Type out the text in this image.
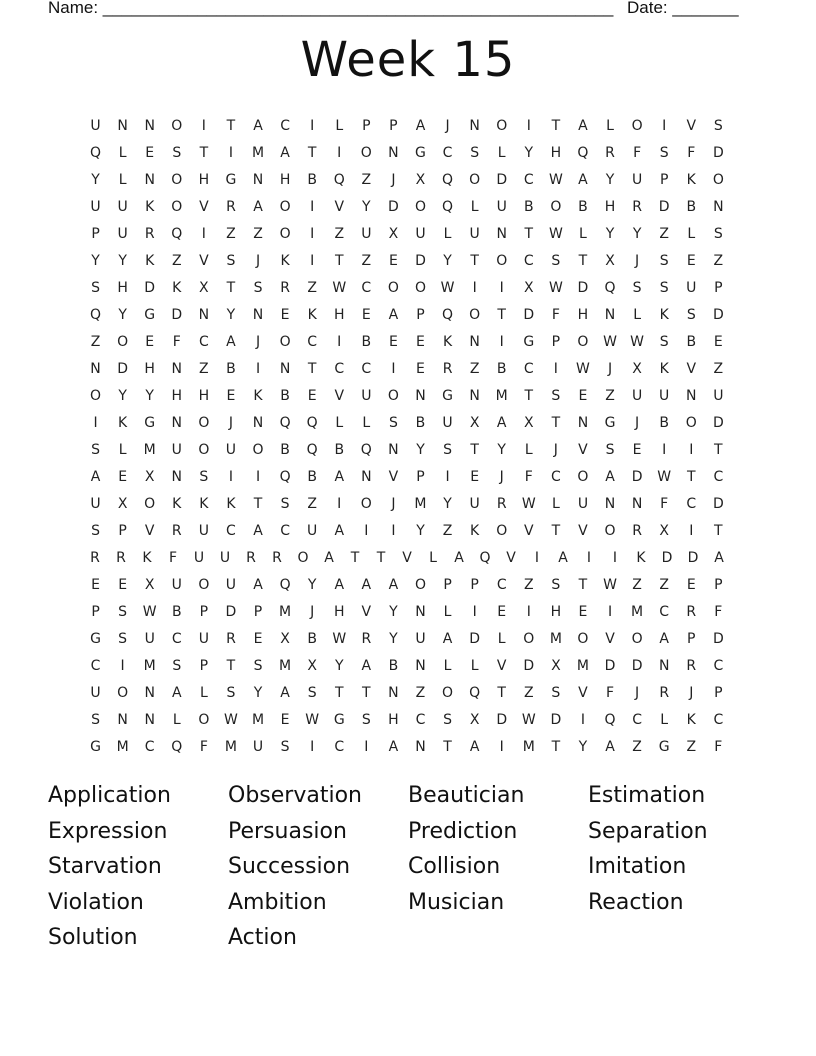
Name: ______________________________________________________ Date: _______
Week 15
U	N	N	O	I	T	A	C	I	L	P	P	A	J	N	O	I	T	A	L	O	I	V	S
Q	L	E	S	T	I	M	A	T	I	O	N	G	C	S	L	Y	H	Q	R	F	S	F	D
Y	L	N	O	H	G	N	H	B	Q	Z	J	X	Q	O	D	C	W	A	Y	U	P	K	O
U	U	K	O	V	R	A	O	I	V	Y	D	O	Q	L	U	B	O	B	H	R	D	B	N
P	U	R	Q	I	Z	Z	O	I	Z	U	X	U	L	U	N	T	W	L	Y	Y	Z	L	S
Y	Y	K	Z	V	S	J	K	I	T	Z	E	D	Y	T	O	C	S	T	X	J	S	E	Z
S	H	D	K	X	T	S	R	Z	W	C	O	O	W	I	I	X	W	D	Q	S	S	U	P
Q	Y	G	D	N	Y	N	E	K	H	E	A	P	Q	O	T	D	F	H	N	L	K	S	D
Z	O	E	F	C	A	J	O	C	I	B	E	E	K	N	I	G	P	O	W W	S	B	E
N	D	H	N	Z	B	I	N	T	C	C	I	E	R	Z	B	C	I	W	J	X	K	V	Z
O	Y	Y	H	H	E	K	B	E	V	U	O	N	G	N	M	T	S	E	Z	U	U	N	U
I	K	G	N	O	J	N	Q	Q	L	L	S	B	U	X	A	X	T	N	G	J	B	O	D
S	L	M	U	O	U	O	B	Q	B	Q	N	Y	S	T	Y	L	J	V	S	E	I	I	T
A	E	X	N	S	I	I	Q	B	A	N	V	P	I	E	J	F	C	O	A	D	W	T	C
U	X	O	K	K	K	T	S	Z	I	O	J	M	Y	U	R	W	L	U	N	N	F	C	D
S	P	V	R	U	C	A	C	U	A	I	I	Y	Z	K	O	V	T	V	O	R	X	I	T
R	R	K	F	U	U	R	R	O	A	T	T	V	L	A	Q	V	I	A	I	I	K	D	D	A
E	E	X	U	O	U	A	Q	Y	A	A	A	O	P	P	C	Z	S	T	W	Z	Z	E	P
P	S	W	B	P	D	P	M	J	H	V	Y	N	L	I	E	I	H	E	I	M	C	R	F
G	S	U	C	U	R	E	X	B	W	R	Y	U	A	D	L	O	M	O	V	O	A	P	D
C	I	M	S	P	T	S	M	X	Y	A	B	N	L	L	V	D	X	M	D	D	N	R	C
U	O	N	A	L	S	Y	A	S	T	T	N	Z	O	Q	T	Z	S	V	F	J	R	J	P
S	N	N	L	O	W	M	E	W	G	S	H	C	S	X	D	W	D	I	Q	C	L	K	C
G	M	C	Q	F	M	U	S	I	C	I	A	N	T	A	I	M	T	Y	A	Z	G	Z	F
Application	Observation	Beautician	Estimation
Expression	Persuasion	Prediction	Separation
Starvation	Succession	Collision	Imitation
Violation	Ambition	Musician	Reaction
Solution	Action
